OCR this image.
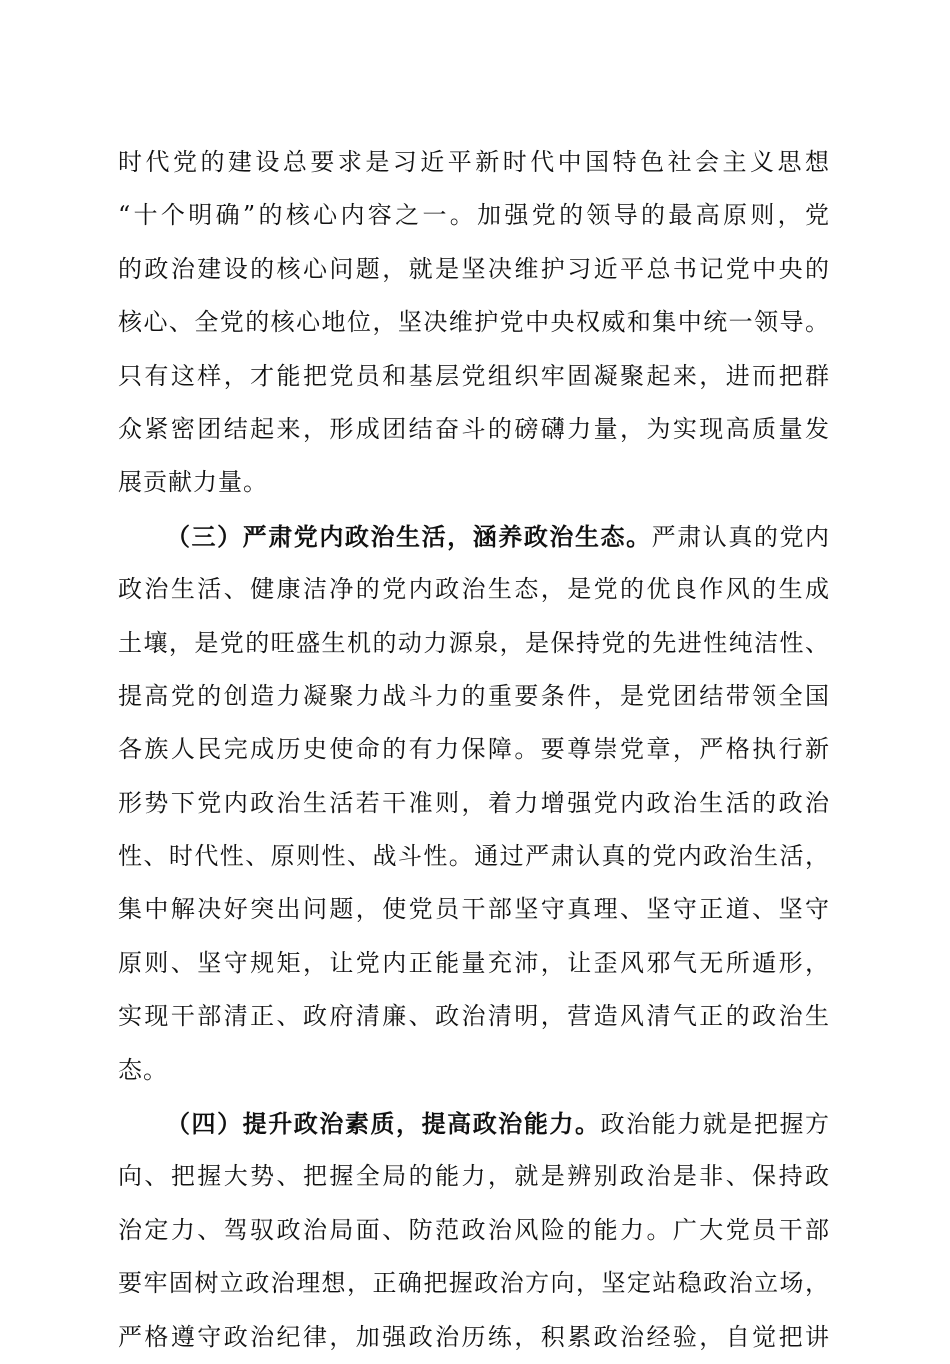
时代党的建设总要求是习近平新时代中国特色社会主义思想
“十个明确”的核心内容之一。加强党的领导的最高原则，党
的政治建设的核心问题，就是坚决维护习近平总书记党中央的
核心、全党的核心地位，坚决维护党中央权威和集中统一领导。
只有这样，才能把党员和基层党组织牢固凝聚起来，进而把群
众紧密团结起来，形成团结奋斗的磅礴力量，为实现高质量发
展贡献力量。
（三）严肃党内政治生活，涵养政治生态。严肃认真的党内
政治生活、健康洁净的党内政治生态，是党的优良作风的生成
土壤，是党的旺盛生机的动力源泉，是保持党的先进性纯洁性、
提高党的创造力凝聚力战斗力的重要条件，是党团结带领全国
各族人民完成历史使命的有力保障。要尊崇党章，严格执行新
形势下党内政治生活若干准则，着力增强党内政治生活的政治
性、时代性、原则性、战斗性。通过严肃认真的党内政治生活，
集中解决好突出问题，使党员干部坚守真理、坚守正道、坚守
原则、坚守规矩，让党内正能量充沛，让歪风邪气无所遁形，
实现干部清正、政府清廉、政治清明，营造风清气正的政治生
态。
（四）提升政治素质，提高政治能力。政治能力就是把握方
向、把握大势、把握全局的能力，就是辨别政治是非、保持政
治定力、驾驭政治局面、防范政治风险的能力。广大党员干部
要牢固树立政治理想，正确把握政治方向，坚定站稳政治立场，
严格遵守政治纪律，加强政治历练，积累政治经验，自觉把讲
